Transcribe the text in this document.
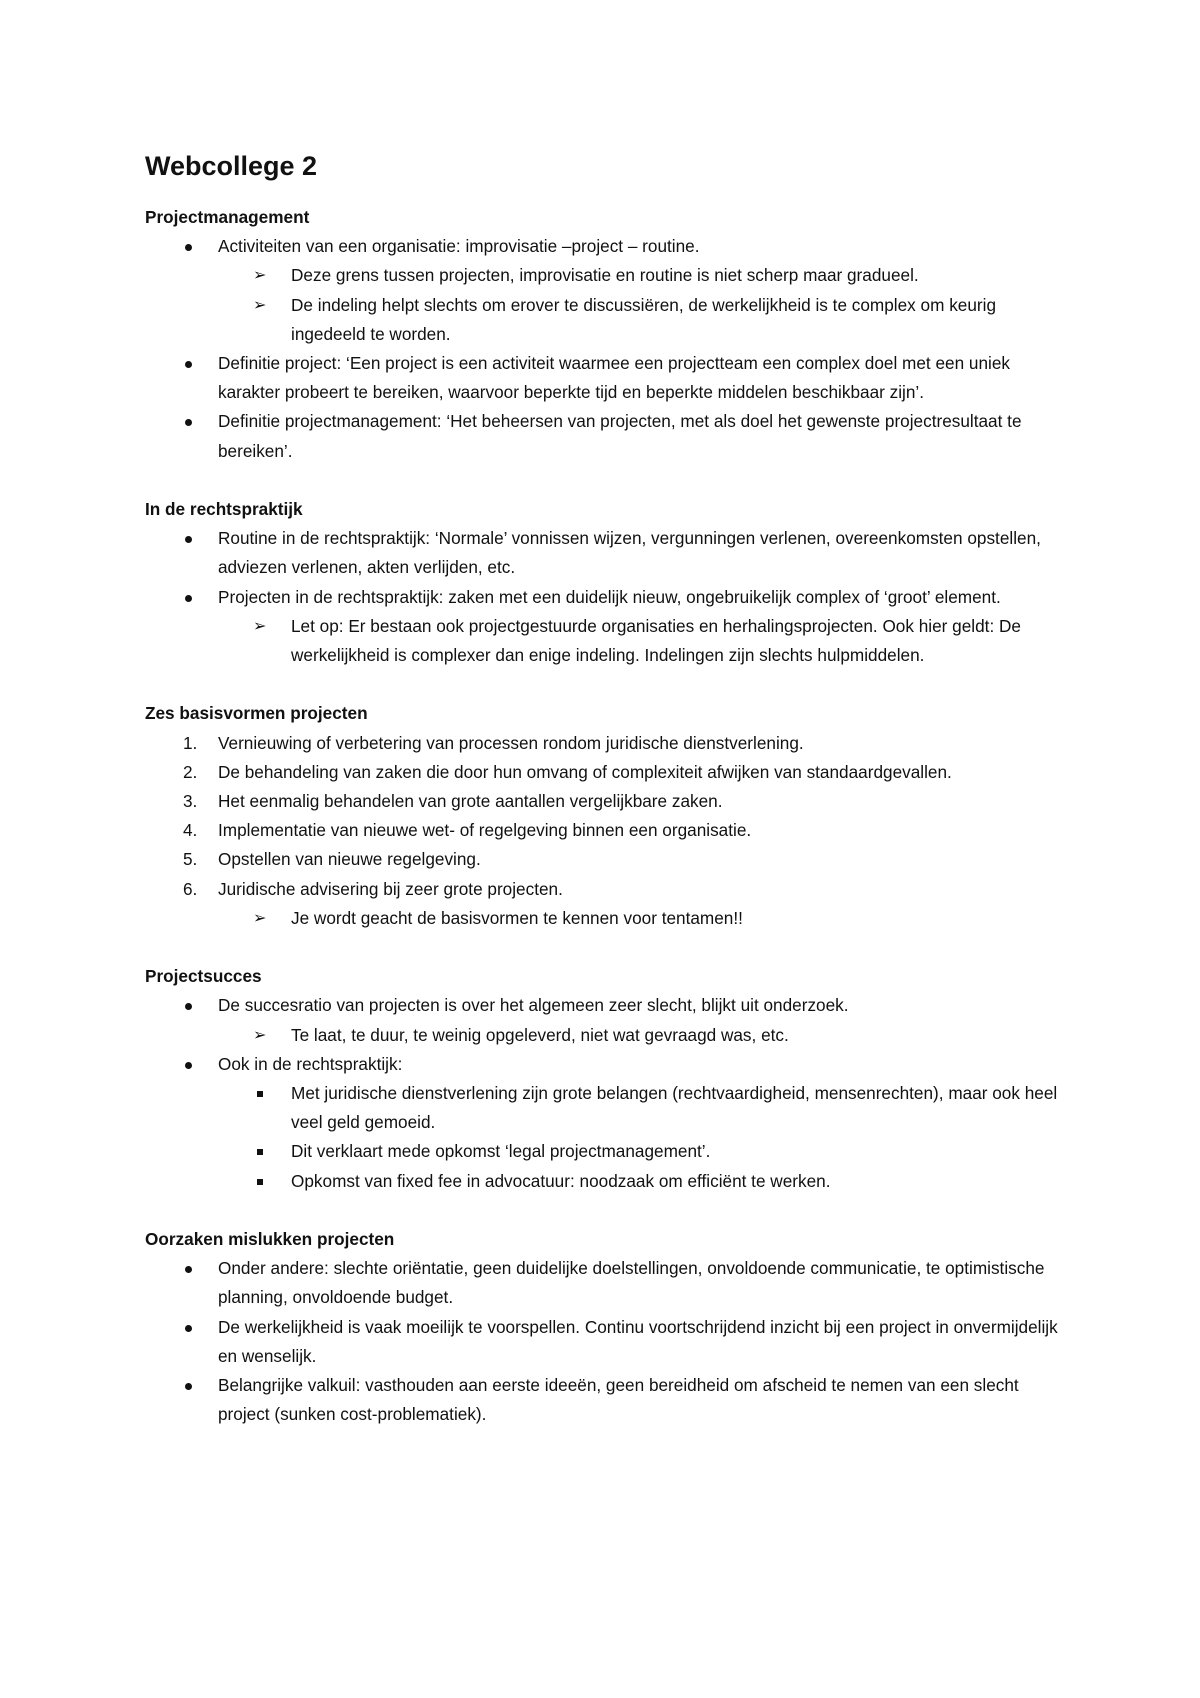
Webcollege 2

Projectmanagement

Activiteiten van een organisatie: improvisatie –project – routine.
➢	Deze grens tussen projecten, improvisatie en routine is niet scherp maar gradueel.
➢	De indeling helpt slechts om erover te discussiëren, de werkelijkheid is te complex om keurig ingedeeld te worden.
Definitie project: ‘Een project is een activiteit waarmee een projectteam een complex doel met een uniek karakter probeert te bereiken, waarvoor beperkte tijd en beperkte middelen beschikbaar zijn’.
Definitie projectmanagement: ‘Het beheersen van projecten, met als doel het gewenste projectresultaat te bereiken’.

In de rechtspraktijk

Routine in de rechtspraktijk: ‘Normale’ vonnissen wijzen, vergunningen verlenen, overeenkomsten opstellen, adviezen verlenen, akten verlijden, etc.
Projecten in de rechtspraktijk: zaken met een duidelijk nieuw, ongebruikelijk complex of ‘groot’ element.
➢	Let op: Er bestaan ook projectgestuurde organisaties en herhalingsprojecten. Ook hier geldt: De werkelijkheid is complexer dan enige indeling. Indelingen zijn slechts hulpmiddelen.

Zes basisvormen projecten

1.	Vernieuwing of verbetering van processen rondom juridische dienstverlening.
2.	De behandeling van zaken die door hun omvang of complexiteit afwijken van standaardgevallen.
3.	Het eenmalig behandelen van grote aantallen vergelijkbare zaken.
4.	Implementatie van nieuwe wet- of regelgeving binnen een organisatie.
5.	Opstellen van nieuwe regelgeving.
6.	Juridische advisering bij zeer grote projecten.
➢	Je wordt geacht de basisvormen te kennen voor tentamen!!

Projectsucces

De succesratio van projecten is over het algemeen zeer slecht, blijkt uit onderzoek.
➢	Te laat, te duur, te weinig opgeleverd, niet wat gevraagd was, etc.
Ook in de rechtspraktijk:
Met juridische dienstverlening zijn grote belangen (rechtvaardigheid, mensenrechten), maar ook heel veel geld gemoeid.
Dit verklaart mede opkomst ‘legal projectmanagement’.
Opkomst van fixed fee in advocatuur: noodzaak om efficiënt te werken.

Oorzaken mislukken projecten

Onder andere: slechte oriëntatie, geen duidelijke doelstellingen, onvoldoende communicatie, te optimistische planning, onvoldoende budget.
De werkelijkheid is vaak moeilijk te voorspellen. Continu voortschrijdend inzicht bij een project in onvermijdelijk en wenselijk.
Belangrijke valkuil: vasthouden aan eerste ideeën, geen bereidheid om afscheid te nemen van een slecht project (sunken cost-problematiek).
